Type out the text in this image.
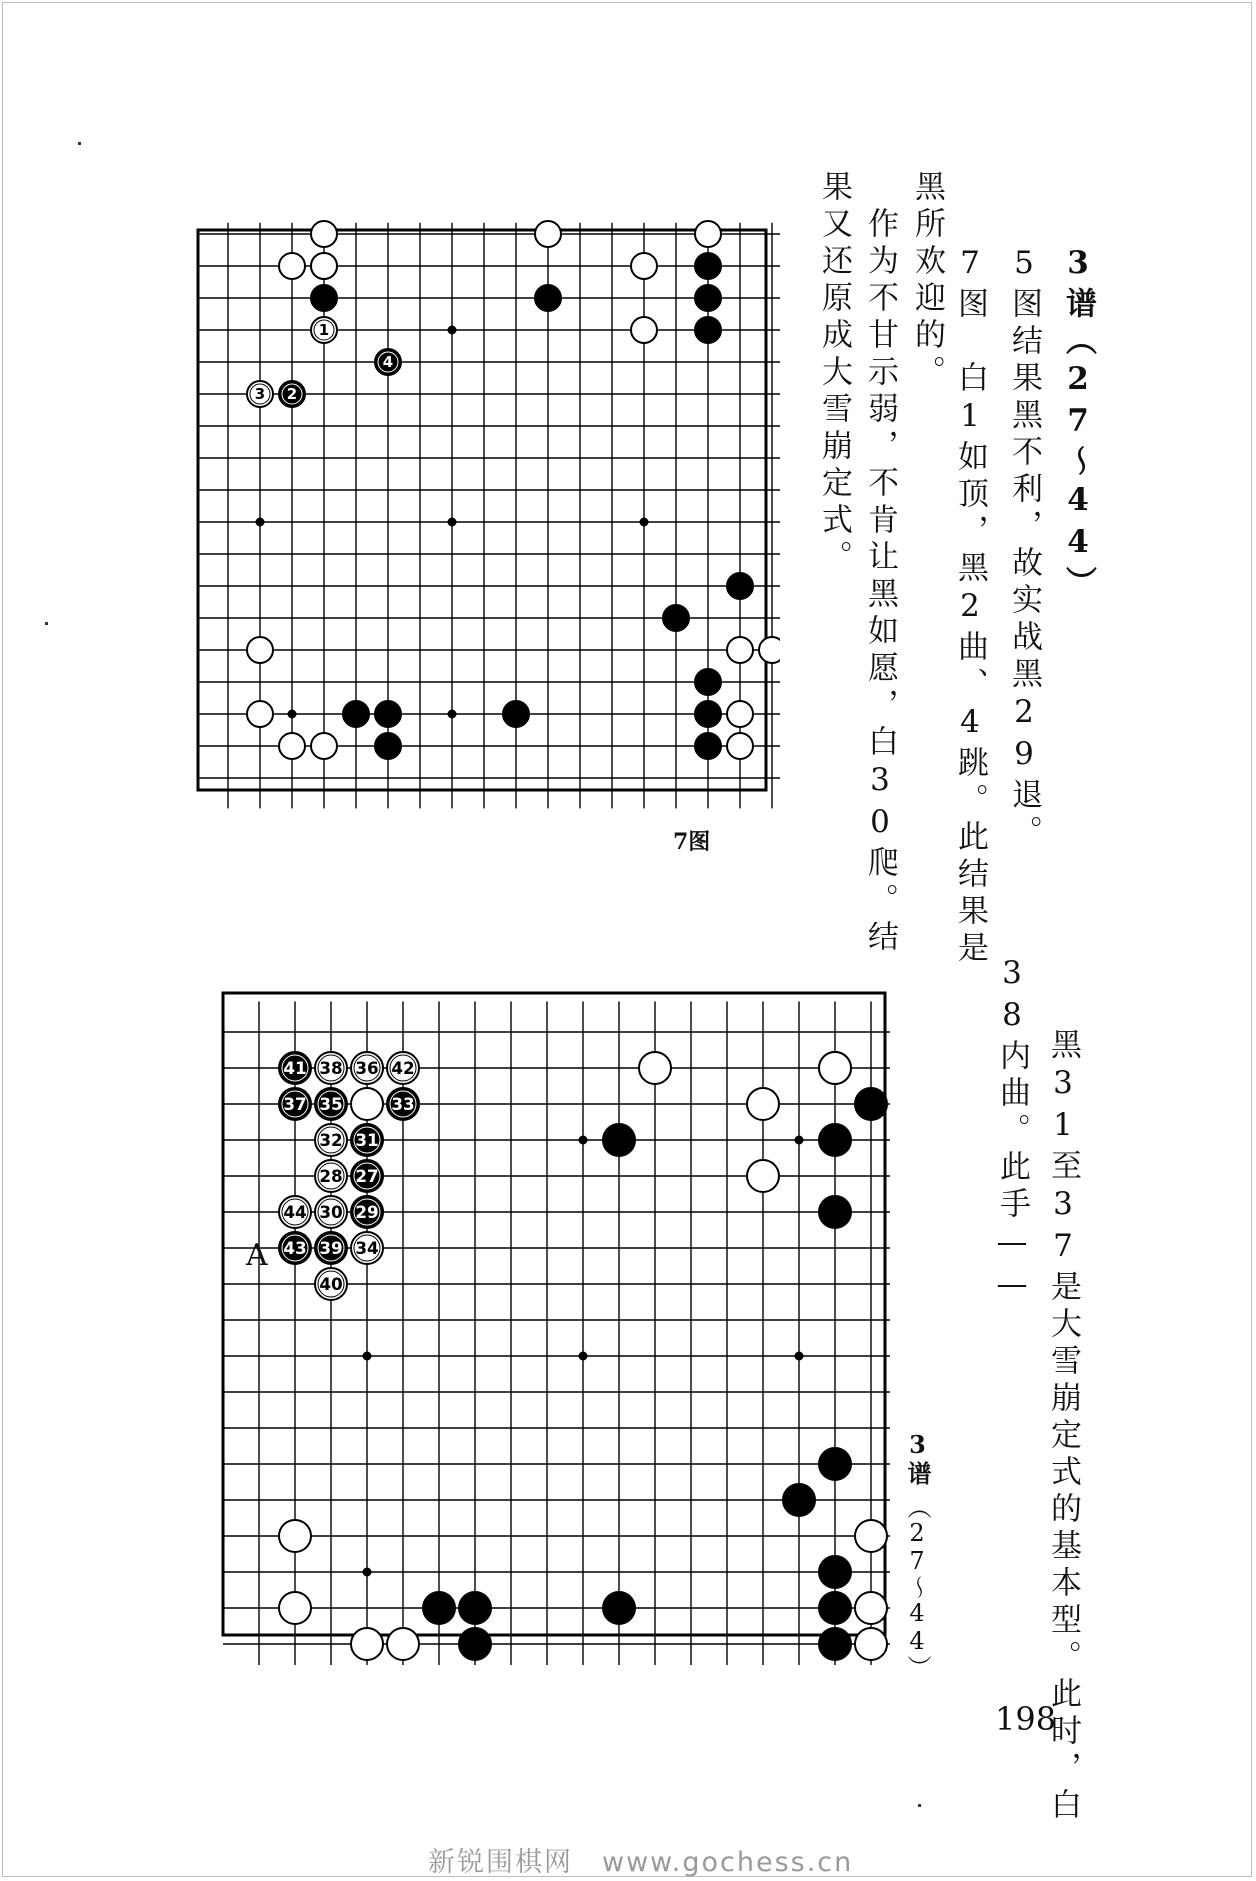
1
2
3
4
7图
41 38 36 42
37 35	33
32 31
28 27
44 30 29
43 39 34
40
A
3谱（27～44）
5图结果黑不利，故实战黑29退。
7图　白1如顶，黑2曲、4跳。此结果是
黑所欢迎的。
　作为不甘示弱，不肯让黑如愿，白30爬。结
果又还原成大雪崩定式。
黑31至37是大雪崩定式的基本型。此时，白
38内曲。此手——
3谱
（27～44）
198
新锐围棋网　www.gochess.cn
